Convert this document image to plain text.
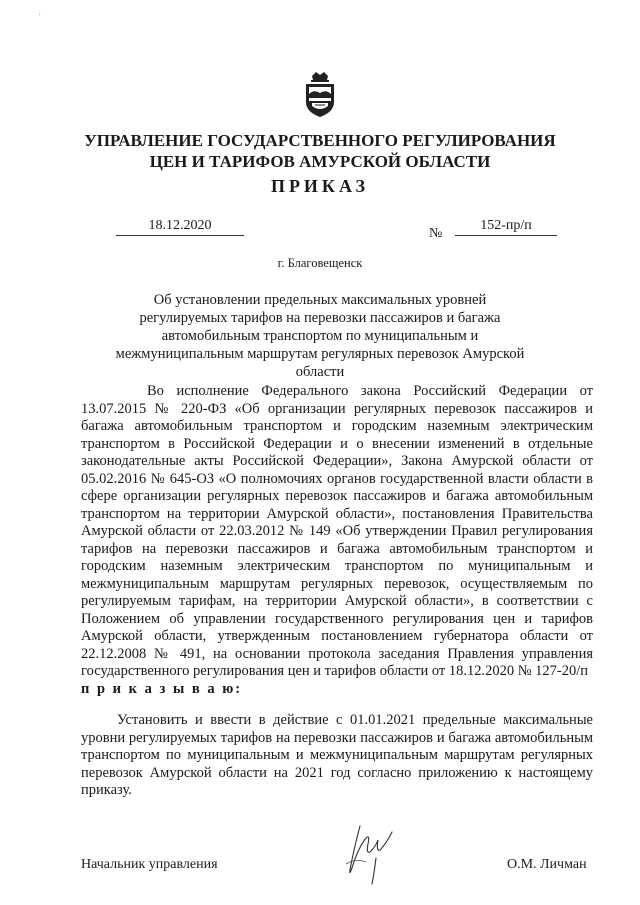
'
УПРАВЛЕНИЕ ГОСУДАРСТВЕННОГО РЕГУЛИРОВАНИЯ
ЦЕН И ТАРИФОВ АМУРСКОЙ ОБЛАСТИ
ПРИКАЗ
18.12.2020
№
152-пр/п
г. Благовещенск
Об установлении предельных максимальных уровней регулируемых тарифов на перевозки пассажиров и багажа автомобильным транспортом по муниципальным и межмуниципальным маршрутам регулярных перевозок Амурской области

Во исполнение Федерального закона Российский Федерации от 13.07.2015 № 220-ФЗ «Об организации регулярных перевозок пассажиров и багажа автомобильным транспортом и городским наземным электрическим транспортом в Российской Федерации и о внесении изменений в отдельные законодательные акты Российской Федерации», Закона Амурской области от 05.02.2016 № 645-ОЗ «О полномочиях органов государственной власти области в сфере организации регулярных перевозок пассажиров и багажа автомобильным транспортом на территории Амурской области», постановления Правительства Амурской области от 22.03.2012 № 149 «Об утверждении Правил регулирования тарифов на перевозки пассажиров и багажа автомобильным транспортом и городским наземным электрическим транспортом по муниципальным и межмуниципальным маршрутам регулярных перевозок, осуществляемым по регулируемым тарифам, на территории Амурской области», в соответствии с Положением об управлении государственного регулирования цен и тарифов Амурской области, утвержденным постановлением губернатора области от 22.12.2008 № 491, на основании протокола заседания Правления управления государственного регулирования цен и тарифов области от 18.12.2020 № 127-20/п

п р и к а з ы в а ю:

Установить и ввести в действие с 01.01.2021 предельные максимальные уровни регулируемых тарифов на перевозки пассажиров и багажа автомобильным транспортом по муниципальным и межмуниципальным маршрутам регулярных перевозок Амурской области на 2021 год согласно приложению к настоящему приказу.

Начальник управления	О.М. Личман
